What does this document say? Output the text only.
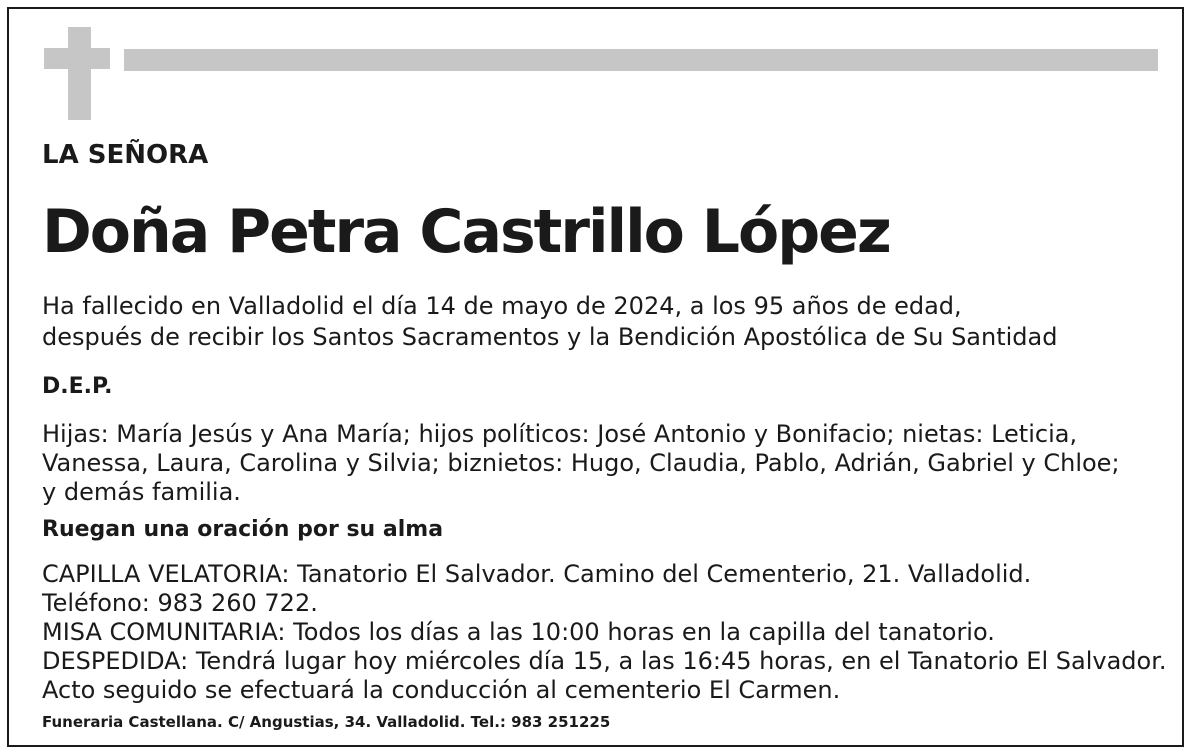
LA SEÑORA
Doña Petra Castrillo López
Ha fallecido en Valladolid el día 14 de mayo de 2024, a los 95 años de edad,
después de recibir los Santos Sacramentos y la Bendición Apostólica de Su Santidad
D.E.P.
Hijas: María Jesús y Ana María; hijos políticos: José Antonio y Bonifacio; nietas: Leticia,
Vanessa, Laura, Carolina y Silvia; biznietos: Hugo, Claudia, Pablo, Adrián, Gabriel y Chloe;
y demás familia.
Ruegan una oración por su alma
CAPILLA VELATORIA: Tanatorio El Salvador. Camino del Cementerio, 21. Valladolid.
Teléfono: 983 260 722.
MISA COMUNITARIA: Todos los días a las 10:00 horas en la capilla del tanatorio.
DESPEDIDA: Tendrá lugar hoy miércoles día 15, a las 16:45 horas, en el Tanatorio El Salvador.
Acto seguido se efectuará la conducción al cementerio El Carmen.
Funeraria Castellana. C/ Angustias, 34. Valladolid. Tel.: 983 251225
